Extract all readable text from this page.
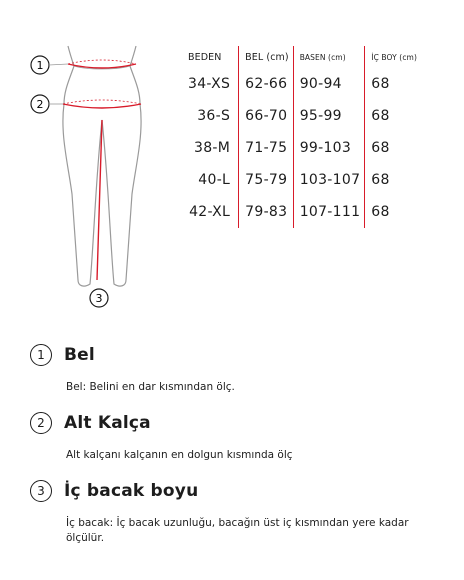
1
2
3
BEDEN	BEL (cm)	BASEN (cm)	İÇ BOY (cm)
34-XS	62-66	90-94	68
36-S	66-70	95-99	68
38-M	71-75	99-103	68
40-L	75-79	103-107	68
42-XL	79-83	107-111	68
1	Bel
Bel: Belini en dar kısmından ölç.
2	Alt Kalça
Alt kalçanı kalçanın en dolgun kısmında ölç
3	İç bacak boyu
İç bacak: İç bacak uzunluğu, bacağın üst iç kısmından yere kadar ölçülür.
